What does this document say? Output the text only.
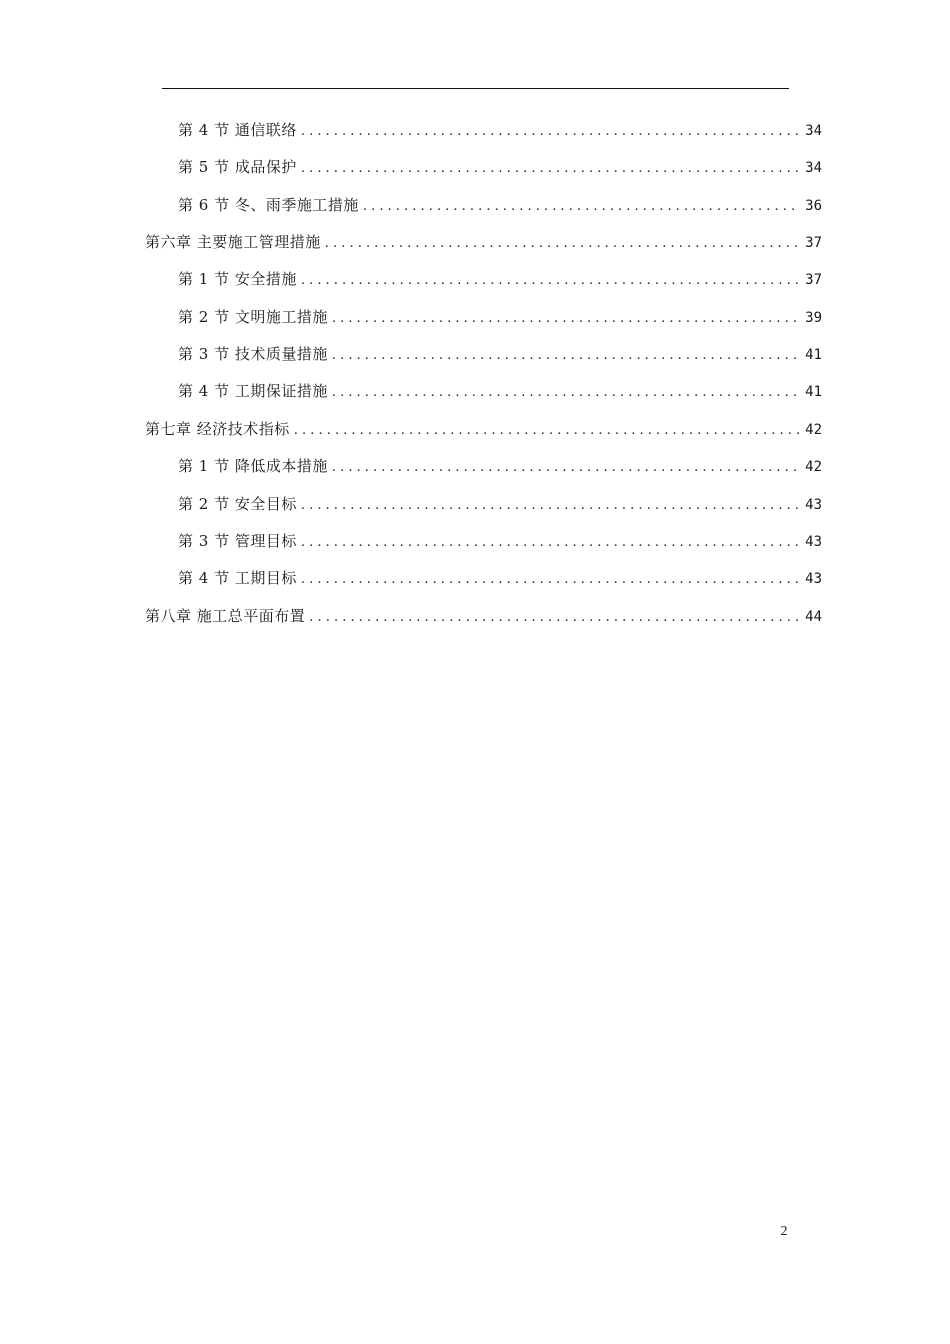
第 4 节 通信联络 .....	34
第 5 节 成品保护 .....	34
第 6 节 冬、雨季施工措施 .....	36
第六章 主要施工管理措施 .....	37
第 1 节 安全措施 .....	37
第 2 节 文明施工措施 .....	39
第 3 节 技术质量措施 .....	41
第 4 节 工期保证措施 .....	41
第七章 经济技术指标 .....	42
第 1 节 降低成本措施 .....	42
第 2 节 安全目标 .....	43
第 3 节 管理目标 .....	43
第 4 节 工期目标 .....	43
第八章 施工总平面布置 .....	44
2
